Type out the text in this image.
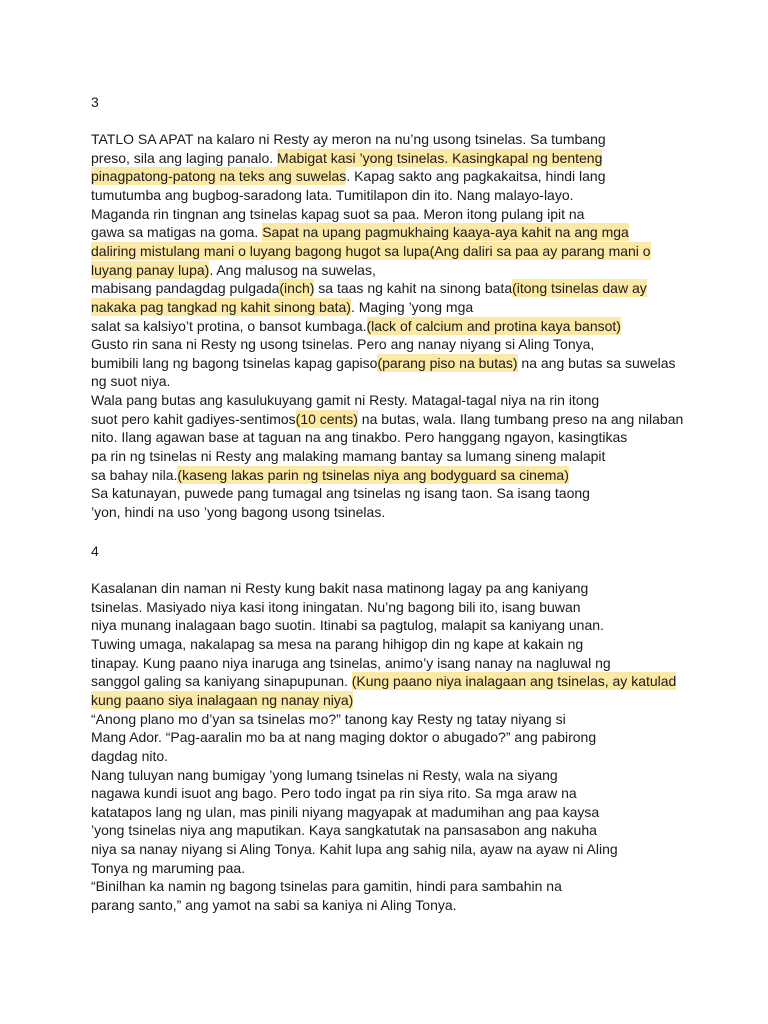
3
TATLO SA APAT na kalaro ni Resty ay meron na nu’ng usong tsinelas. Sa tumbang
preso, sila ang laging panalo. Mabigat kasi ’yong tsinelas. Kasingkapal ng benteng
pinagpatong-patong na teks ang suwelas. Kapag sakto ang pagkakaitsa, hindi lang
tumutumba ang bugbog-saradong lata. Tumitilapon din ito. Nang malayo-layo.
Maganda rin tingnan ang tsinelas kapag suot sa paa. Meron itong pulang ipit na
gawa sa matigas na goma. Sapat na upang pagmukhaing kaaya-aya kahit na ang mga
daliring mistulang mani o luyang bagong hugot sa lupa(Ang daliri sa paa ay parang mani o
luyang panay lupa). Ang malusog na suwelas,
mabisang pandagdag pulgada(inch) sa taas ng kahit na sinong bata(itong tsinelas daw ay
nakaka pag tangkad ng kahit sinong bata). Maging ’yong mga
salat sa kalsiyo’t protina, o bansot kumbaga.(lack of calcium and protina kaya bansot)
Gusto rin sana ni Resty ng usong tsinelas. Pero ang nanay niyang si Aling Tonya,
bumibili lang ng bagong tsinelas kapag gapiso(parang piso na butas) na ang butas sa suwelas
ng suot niya.
Wala pang butas ang kasulukuyang gamit ni Resty. Matagal-tagal niya na rin itong
suot pero kahit gadiyes-sentimos(10 cents) na butas, wala. Ilang tumbang preso na ang nilaban
nito. Ilang agawan base at taguan na ang tinakbo. Pero hanggang ngayon, kasingtikas
pa rin ng tsinelas ni Resty ang malaking mamang bantay sa lumang sineng malapit
sa bahay nila.(kaseng lakas parin ng tsinelas niya ang bodyguard sa cinema)
Sa katunayan, puwede pang tumagal ang tsinelas ng isang taon. Sa isang taong
’yon, hindi na uso ’yong bagong usong tsinelas.
4
Kasalanan din naman ni Resty kung bakit nasa matinong lagay pa ang kaniyang
tsinelas. Masiyado niya kasi itong iningatan. Nu’ng bagong bili ito, isang buwan
niya munang inalagaan bago suotin. Itinabi sa pagtulog, malapit sa kaniyang unan.
Tuwing umaga, nakalapag sa mesa na parang hihigop din ng kape at kakain ng
tinapay. Kung paano niya inaruga ang tsinelas, animo’y isang nanay na nagluwal ng
sanggol galing sa kaniyang sinapupunan. (Kung paano niya inalagaan ang tsinelas, ay katulad
kung paano siya inalagaan ng nanay niya)
“Anong plano mo d’yan sa tsinelas mo?” tanong kay Resty ng tatay niyang si
Mang Ador. “Pag-aaralin mo ba at nang maging doktor o abugado?” ang pabirong
dagdag nito.
Nang tuluyan nang bumigay ’yong lumang tsinelas ni Resty, wala na siyang
nagawa kundi isuot ang bago. Pero todo ingat pa rin siya rito. Sa mga araw na
katatapos lang ng ulan, mas pinili niyang magyapak at madumihan ang paa kaysa
’yong tsinelas niya ang maputikan. Kaya sangkatutak na pansasabon ang nakuha
niya sa nanay niyang si Aling Tonya. Kahit lupa ang sahig nila, ayaw na ayaw ni Aling
Tonya ng maruming paa.
“Binilhan ka namin ng bagong tsinelas para gamitin, hindi para sambahin na
parang santo,” ang yamot na sabi sa kaniya ni Aling Tonya.
